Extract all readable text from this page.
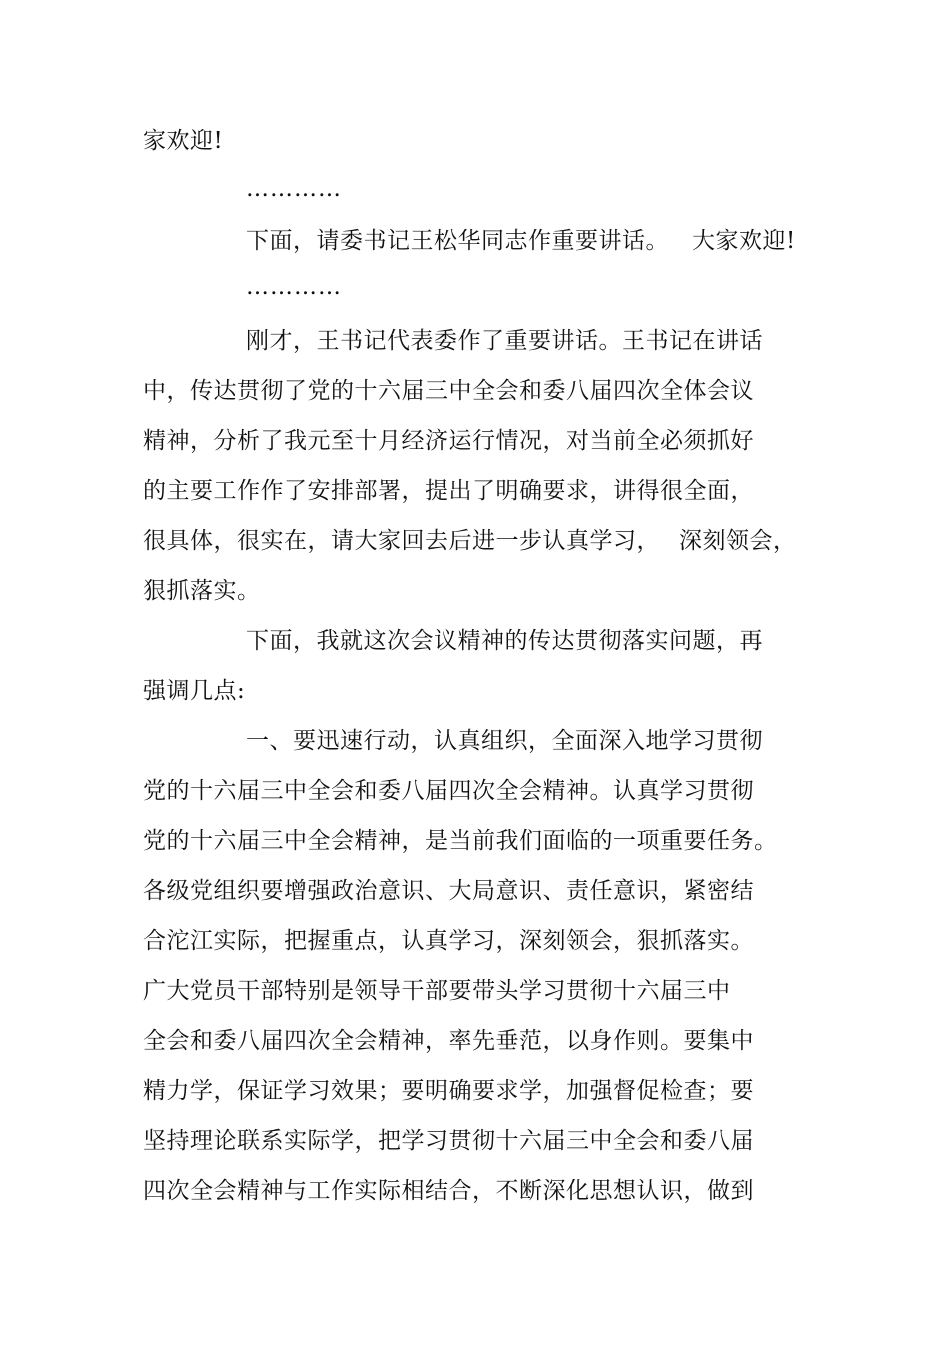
家欢迎!
…………
下面，请委书记王松华同志作重要讲话。 大家欢迎!
…………
刚才，王书记代表委作了重要讲话。王书记在讲话
中，传达贯彻了党的十六届三中全会和委八届四次全体会议
精神，分析了我元至十月经济运行情况，对当前全必须抓好
的主要工作作了安排部署，提出了明确要求，讲得很全面，
很具体，很实在，请大家回去后进一步认真学习， 深刻领会，
狠抓落实。
下面，我就这次会议精神的传达贯彻落实问题，再
强调几点:
一、要迅速行动，认真组织，全面深入地学习贯彻
党的十六届三中全会和委八届四次全会精神。认真学习贯彻
党的十六届三中全会精神，是当前我们面临的一项重要任务。
各级党组织要增强政治意识、大局意识、责任意识，紧密结
合沱江实际，把握重点，认真学习，深刻领会，狠抓落实。
广大党员干部特别是领导干部要带头学习贯彻十六届三中
全会和委八届四次全会精神，率先垂范，以身作则。要集中
精力学，保证学习效果；要明确要求学，加强督促检查；要
坚持理论联系实际学，把学习贯彻十六届三中全会和委八届
四次全会精神与工作实际相结合，不断深化思想认识，做到
